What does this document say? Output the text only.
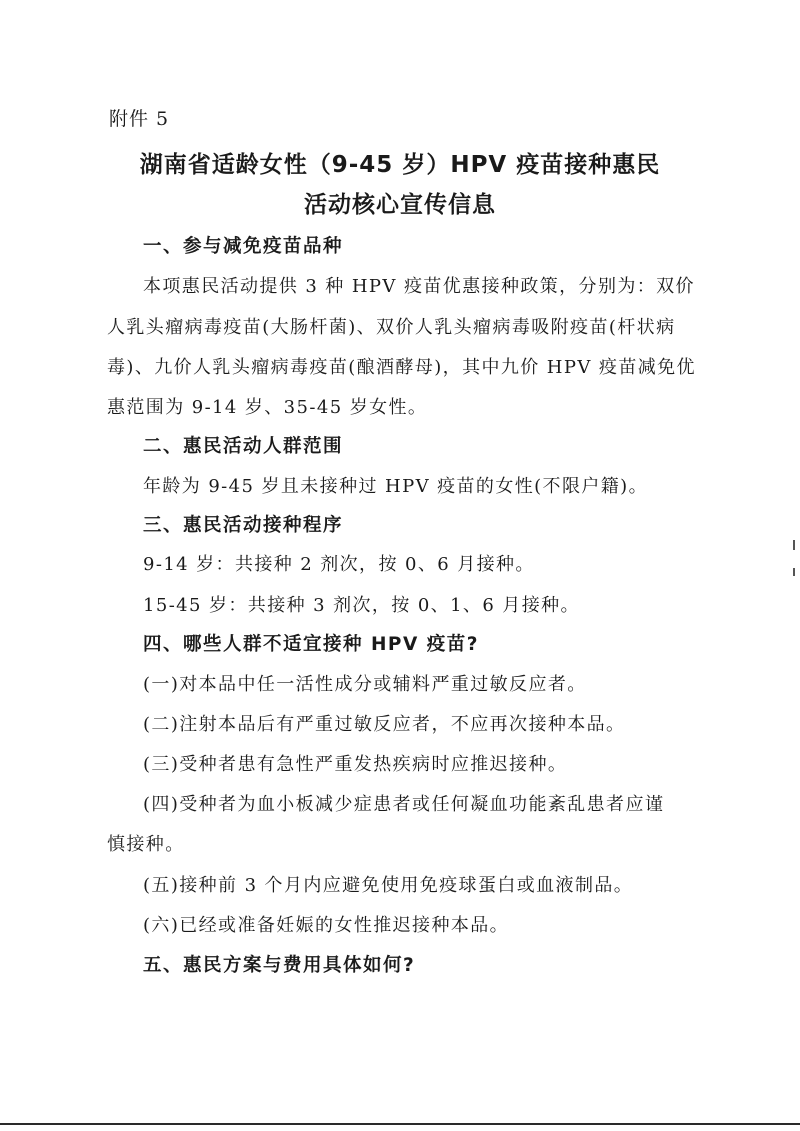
附件 5
湖南省适龄女性（9-45 岁）HPV 疫苗接种惠民
活动核心宣传信息
一、参与减免疫苗品种
本项惠民活动提供 3 种 HPV 疫苗优惠接种政策，分别为：双价
人乳头瘤病毒疫苗(大肠杆菌)、双价人乳头瘤病毒吸附疫苗(杆状病
毒)、九价人乳头瘤病毒疫苗(酿酒酵母)，其中九价 HPV 疫苗减免优
惠范围为 9-14 岁、35-45 岁女性。
二、惠民活动人群范围
年龄为 9-45 岁且未接种过 HPV 疫苗的女性(不限户籍)。
三、惠民活动接种程序
9-14 岁：共接种 2 剂次，按 0、6 月接种。
15-45 岁：共接种 3 剂次，按 0、1、6 月接种。
四、哪些人群不适宜接种 HPV 疫苗?
(一)对本品中任一活性成分或辅料严重过敏反应者。
(二)注射本品后有严重过敏反应者，不应再次接种本品。
(三)受种者患有急性严重发热疾病时应推迟接种。
(四)受种者为血小板减少症患者或任何凝血功能紊乱患者应谨
慎接种。
(五)接种前 3 个月内应避免使用免疫球蛋白或血液制品。
(六)已经或准备妊娠的女性推迟接种本品。
五、惠民方案与费用具体如何?
